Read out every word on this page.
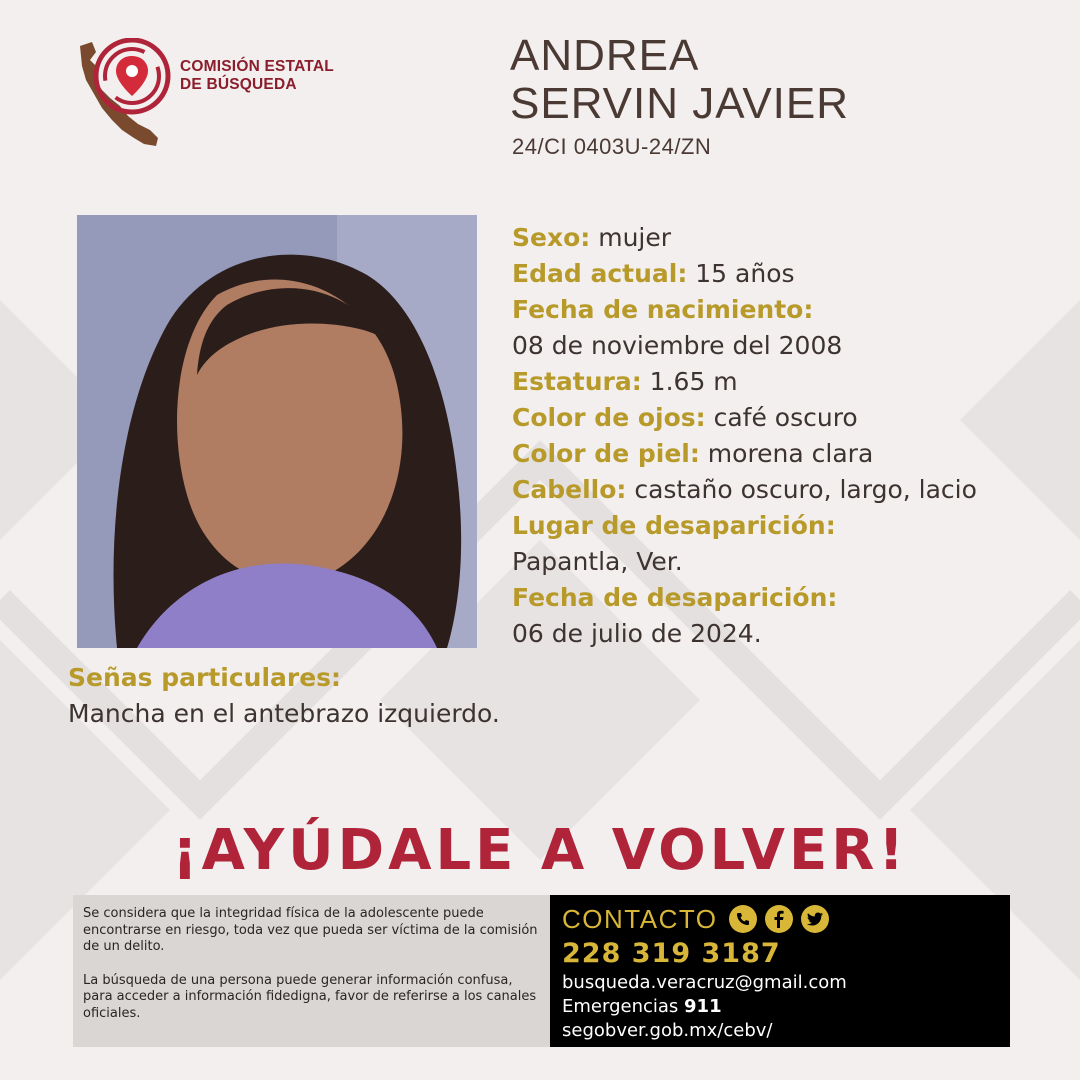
COMISIÓN ESTATAL
DE BÚSQUEDA
ANDREA
SERVIN JAVIER
24/CI 0403U-24/ZN
Sexo: mujer
Edad actual: 15 años
Fecha de nacimiento:
08 de noviembre del 2008
Estatura: 1.65 m
Color de ojos: café oscuro
Color de piel: morena clara
Cabello: castaño oscuro, largo, lacio
Lugar de desaparición:
Papantla, Ver.
Fecha de desaparición:
06 de julio de 2024.
Señas particulares:
Mancha en el antebrazo izquierdo.
¡AYÚDALE A VOLVER!

Se considera que la integridad física de la adolescente puede encontrarse en riesgo, toda vez que pueda ser víctima de la comisión de un delito.

La búsqueda de una persona puede generar información confusa, para acceder a información fidedigna, favor de referirse a los canales oficiales.

CONTACTO
228 319 3187
busqueda.veracruz@gmail.com
Emergencias 911
segobver.gob.mx/cebv/
